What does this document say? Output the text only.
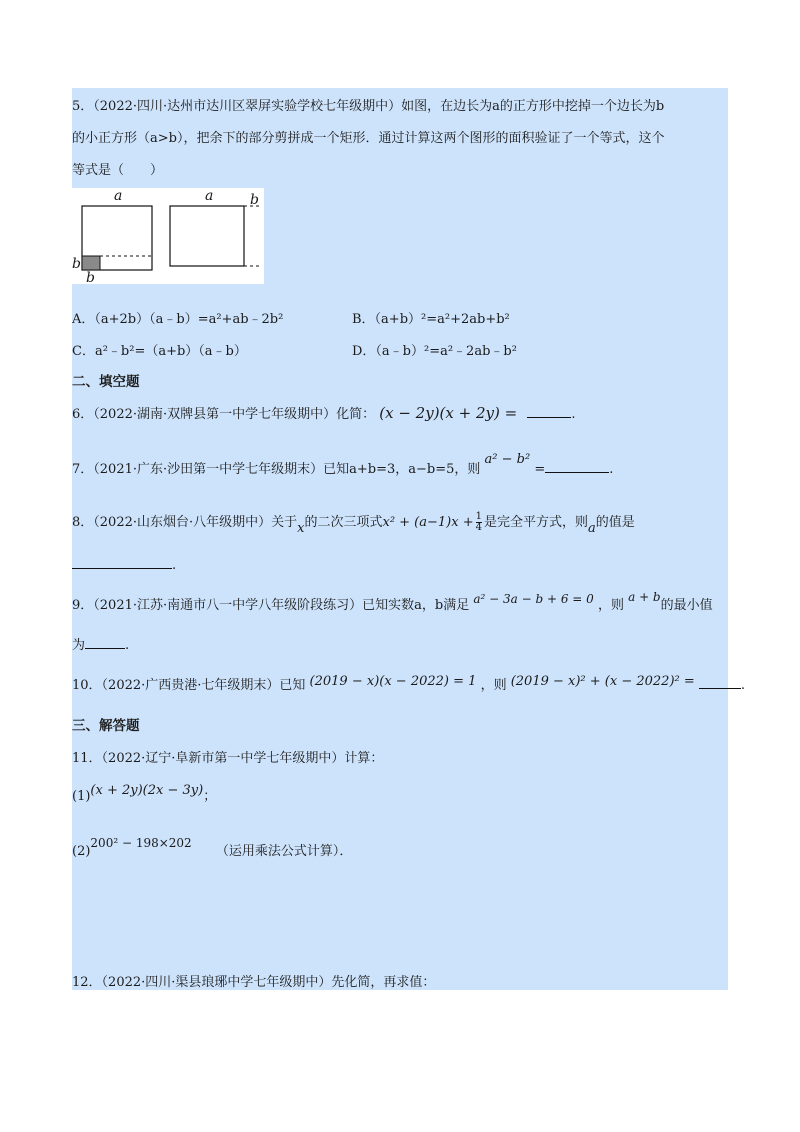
5．（2022·四川·达州市达川区翠屏实验学校七年级期中）如图，在边长为a的正方形中挖掉一个边长为b
的小正方形（a>b），把余下的部分剪拼成一个矩形．通过计算这两个图形的面积验证了一个等式，这个
等式是（　　）
a
b
b
a	b
A．（a+2b）（a﹣b）=a²+ab﹣2b²	B．（a+b）²=a²+2ab+b²
C．a²﹣b²=（a+b）（a﹣b）	D．（a﹣b）²=a²﹣2ab﹣b²
二、填空题
6．（2022·湖南·双牌县第一中学七年级期中）化简： (x − 2y)(x + 2y) =	.
7．（2021·广东·沙田第一中学七年级期末）已知a+b=3，a−b=5，则 a² − b² =	.
8．（2022·山东烟台·八年级期中）关于x的二次三项式$x^2 + (a-1)x + \frac{1}{4}$ 是完全平方式，则a的值是
.
9．（2021·江苏·南通市八一中学八年级阶段练习）已知实数a，b满足 a² − 3a − b + 6 = 0 ，则 a + b的最小值
为	.
10．（2022·广西贵港·七年级期末）已知 (2019 − x)(x − 2022) = 1 ，则 (2019 − x)² + (x − 2022)² =	.
三、解答题
11．（2022·辽宁·阜新市第一中学七年级期中）计算：
(1)(x + 2y)(2x − 3y)；
(2)200² − 198×202 （运用乘法公式计算）．
12．（2022·四川·渠县琅琊中学七年级期中）先化简，再求值：
